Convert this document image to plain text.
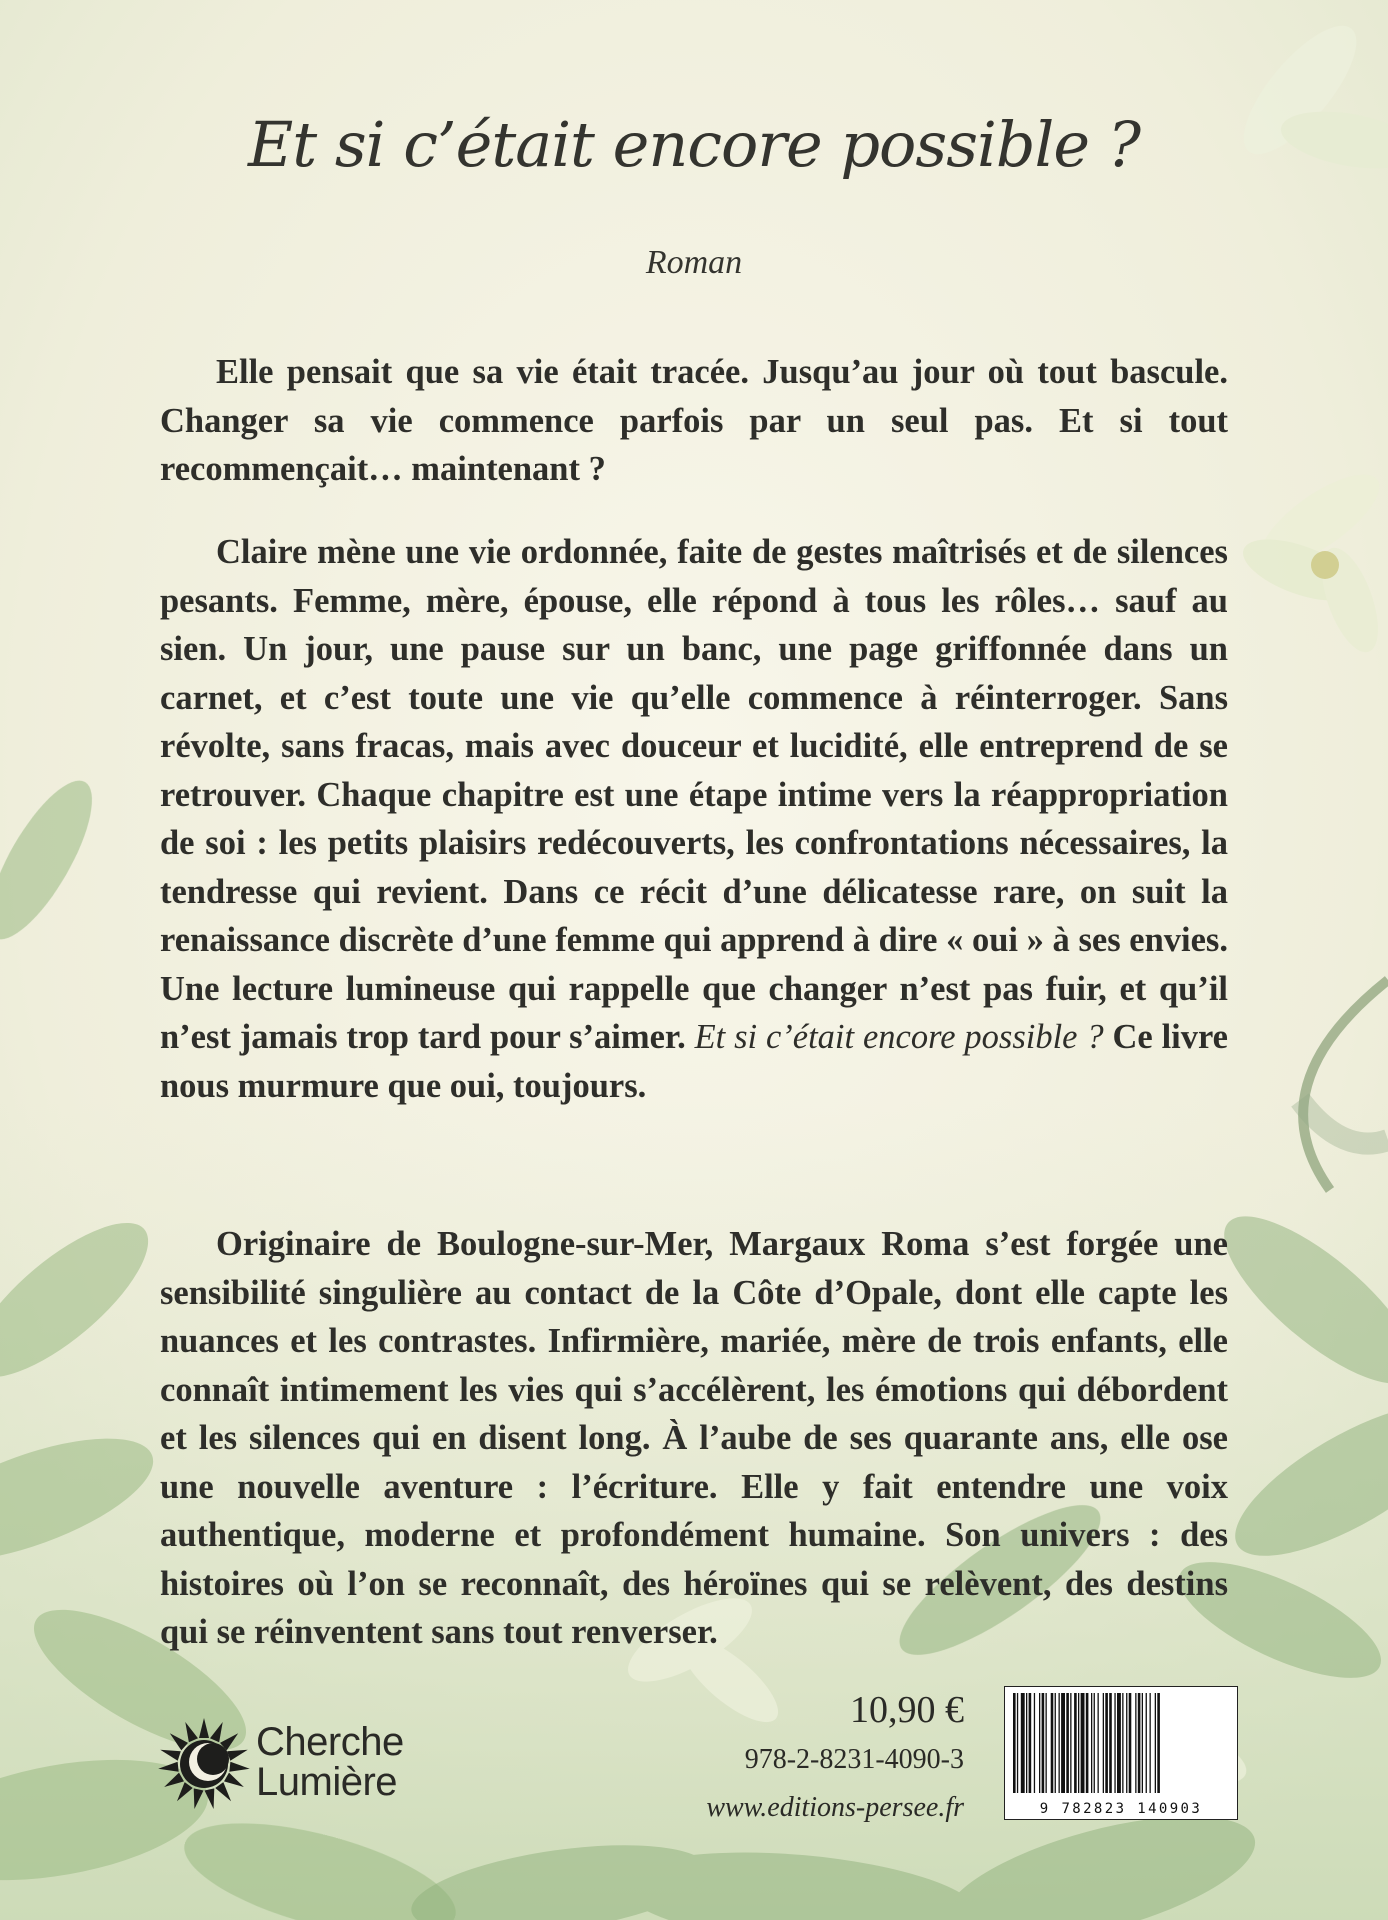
Et si c’était encore possible ?
Roman

Elle pensait que sa vie était tracée. Jusqu’au jour où tout bascule. Changer sa vie commence parfois par un seul pas. Et si tout recommençait… maintenant ?

Claire mène une vie ordonnée, faite de gestes maîtrisés et de silences pesants. Femme, mère, épouse, elle répond à tous les rôles… sauf au sien. Un jour, une pause sur un banc, une page griffonnée dans un carnet, et c’est toute une vie qu’elle commence à réinterroger. Sans révolte, sans fracas, mais avec douceur et lucidité, elle entreprend de se retrouver. Chaque chapitre est une étape intime vers la réappropriation de soi : les petits plaisirs redécouverts, les confrontations nécessaires, la tendresse qui revient. Dans ce récit d’une délicatesse rare, on suit la renaissance discrète d’une femme qui apprend à dire « oui » à ses envies. Une lecture lumineuse qui rappelle que changer n’est pas fuir, et qu’il n’est jamais trop tard pour s’aimer. Et si c’était encore possible ? Ce livre nous murmure que oui, toujours.

Originaire de Boulogne-sur-Mer, Margaux Roma s’est forgée une sensibilité singulière au contact de la Côte d’Opale, dont elle capte les nuances et les contrastes. Infirmière, mariée, mère de trois enfants, elle connaît intimement les vies qui s’accélèrent, les émotions qui débordent et les silences qui en disent long. À l’aube de ses quarante ans, elle ose une nouvelle aventure : l’écriture. Elle y fait entendre une voix authentique, moderne et profondément humaine. Son univers : des histoires où l’on se reconnaît, des héroïnes qui se relèvent, des destins qui se réinventent sans tout renverser.

Cherche
Lumière
10,90 €
978-2-8231-4090-3
www.editions-persee.fr	9 782823 140903
